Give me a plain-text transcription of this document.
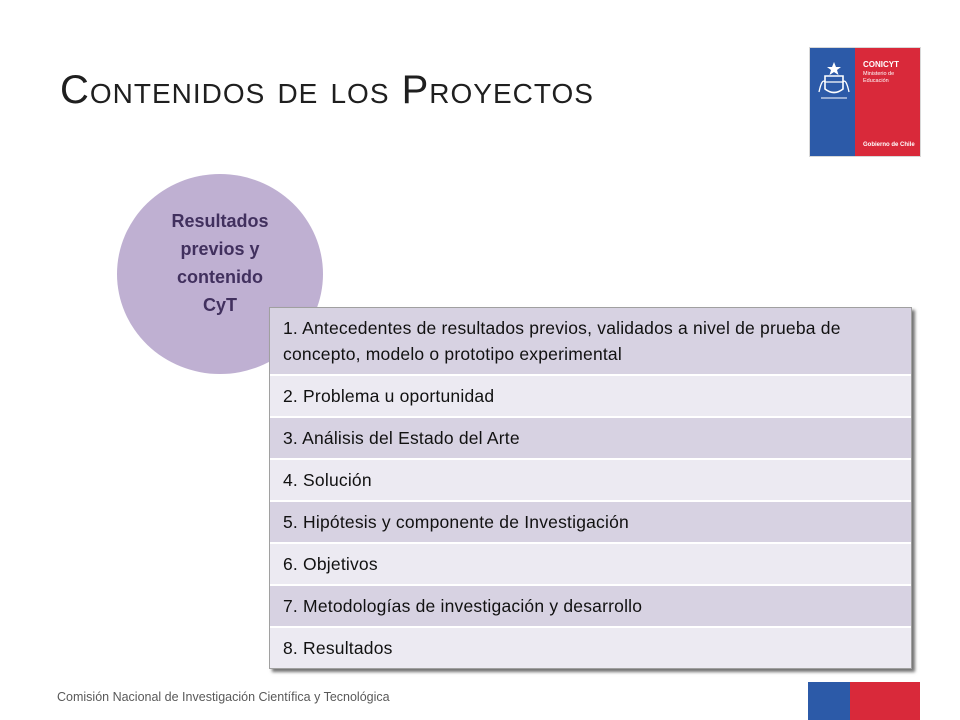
Contenidos de los Proyectos
CONICYT
Ministerio de Educación
Gobierno de Chile
Resultados
previos y
contenido
CyT
1. Antecedentes de resultados previos, validados a nivel de prueba de concepto, modelo o prototipo experimental
2. Problema u oportunidad
3. Análisis del Estado del Arte
4. Solución
5. Hipótesis y componente de Investigación
6. Objetivos
7. Metodologías de investigación y desarrollo
8. Resultados
Comisión Nacional de Investigación Científica y Tecnológica
